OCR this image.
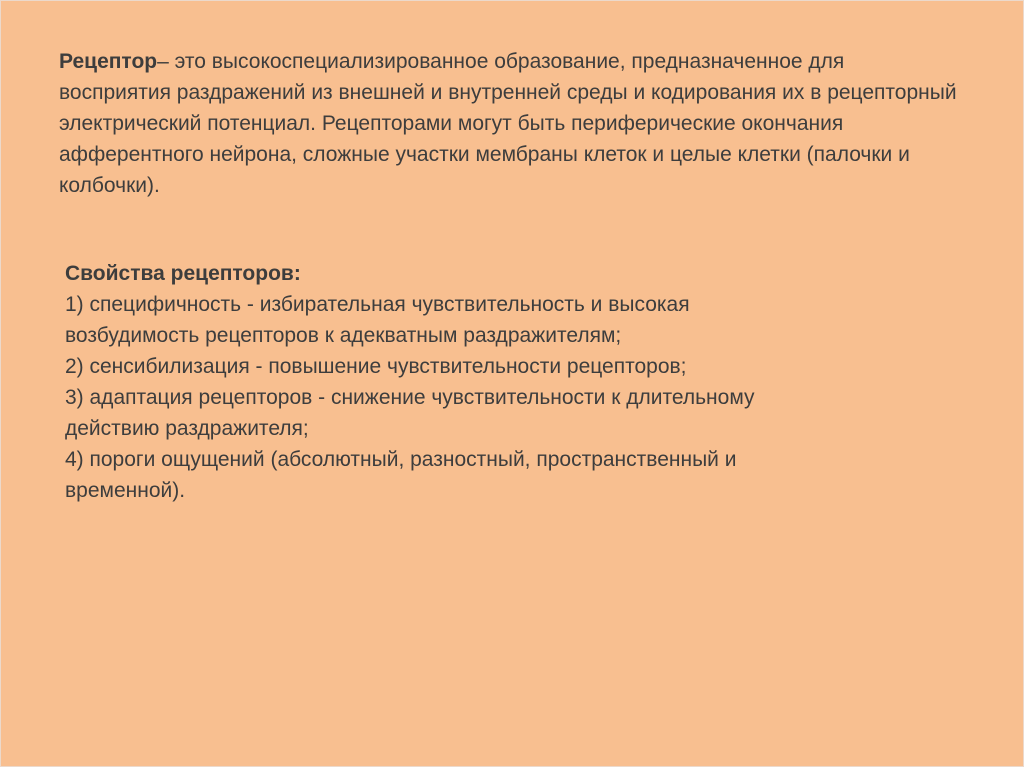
Рецептор– это высокоспециализированное образование, предназначенное для восприятия раздражений из внешней и внутренней среды и кодирования их в рецепторный электрический потенциал. Рецепторами могут быть периферические окончания афферентного нейрона, сложные участки мембраны клеток и целые клетки (палочки и колбочки).

Свойства рецепторов:
1) специфичность - избирательная чувствительность и высокая
возбудимость рецепторов к адекватным раздражителям;
2) сенсибилизация - повышение чувствительности рецепторов;
3) адаптация рецепторов - снижение чувствительности к длительному
действию раздражителя;
4) пороги ощущений (абсолютный, разностный, пространственный и
временной).
